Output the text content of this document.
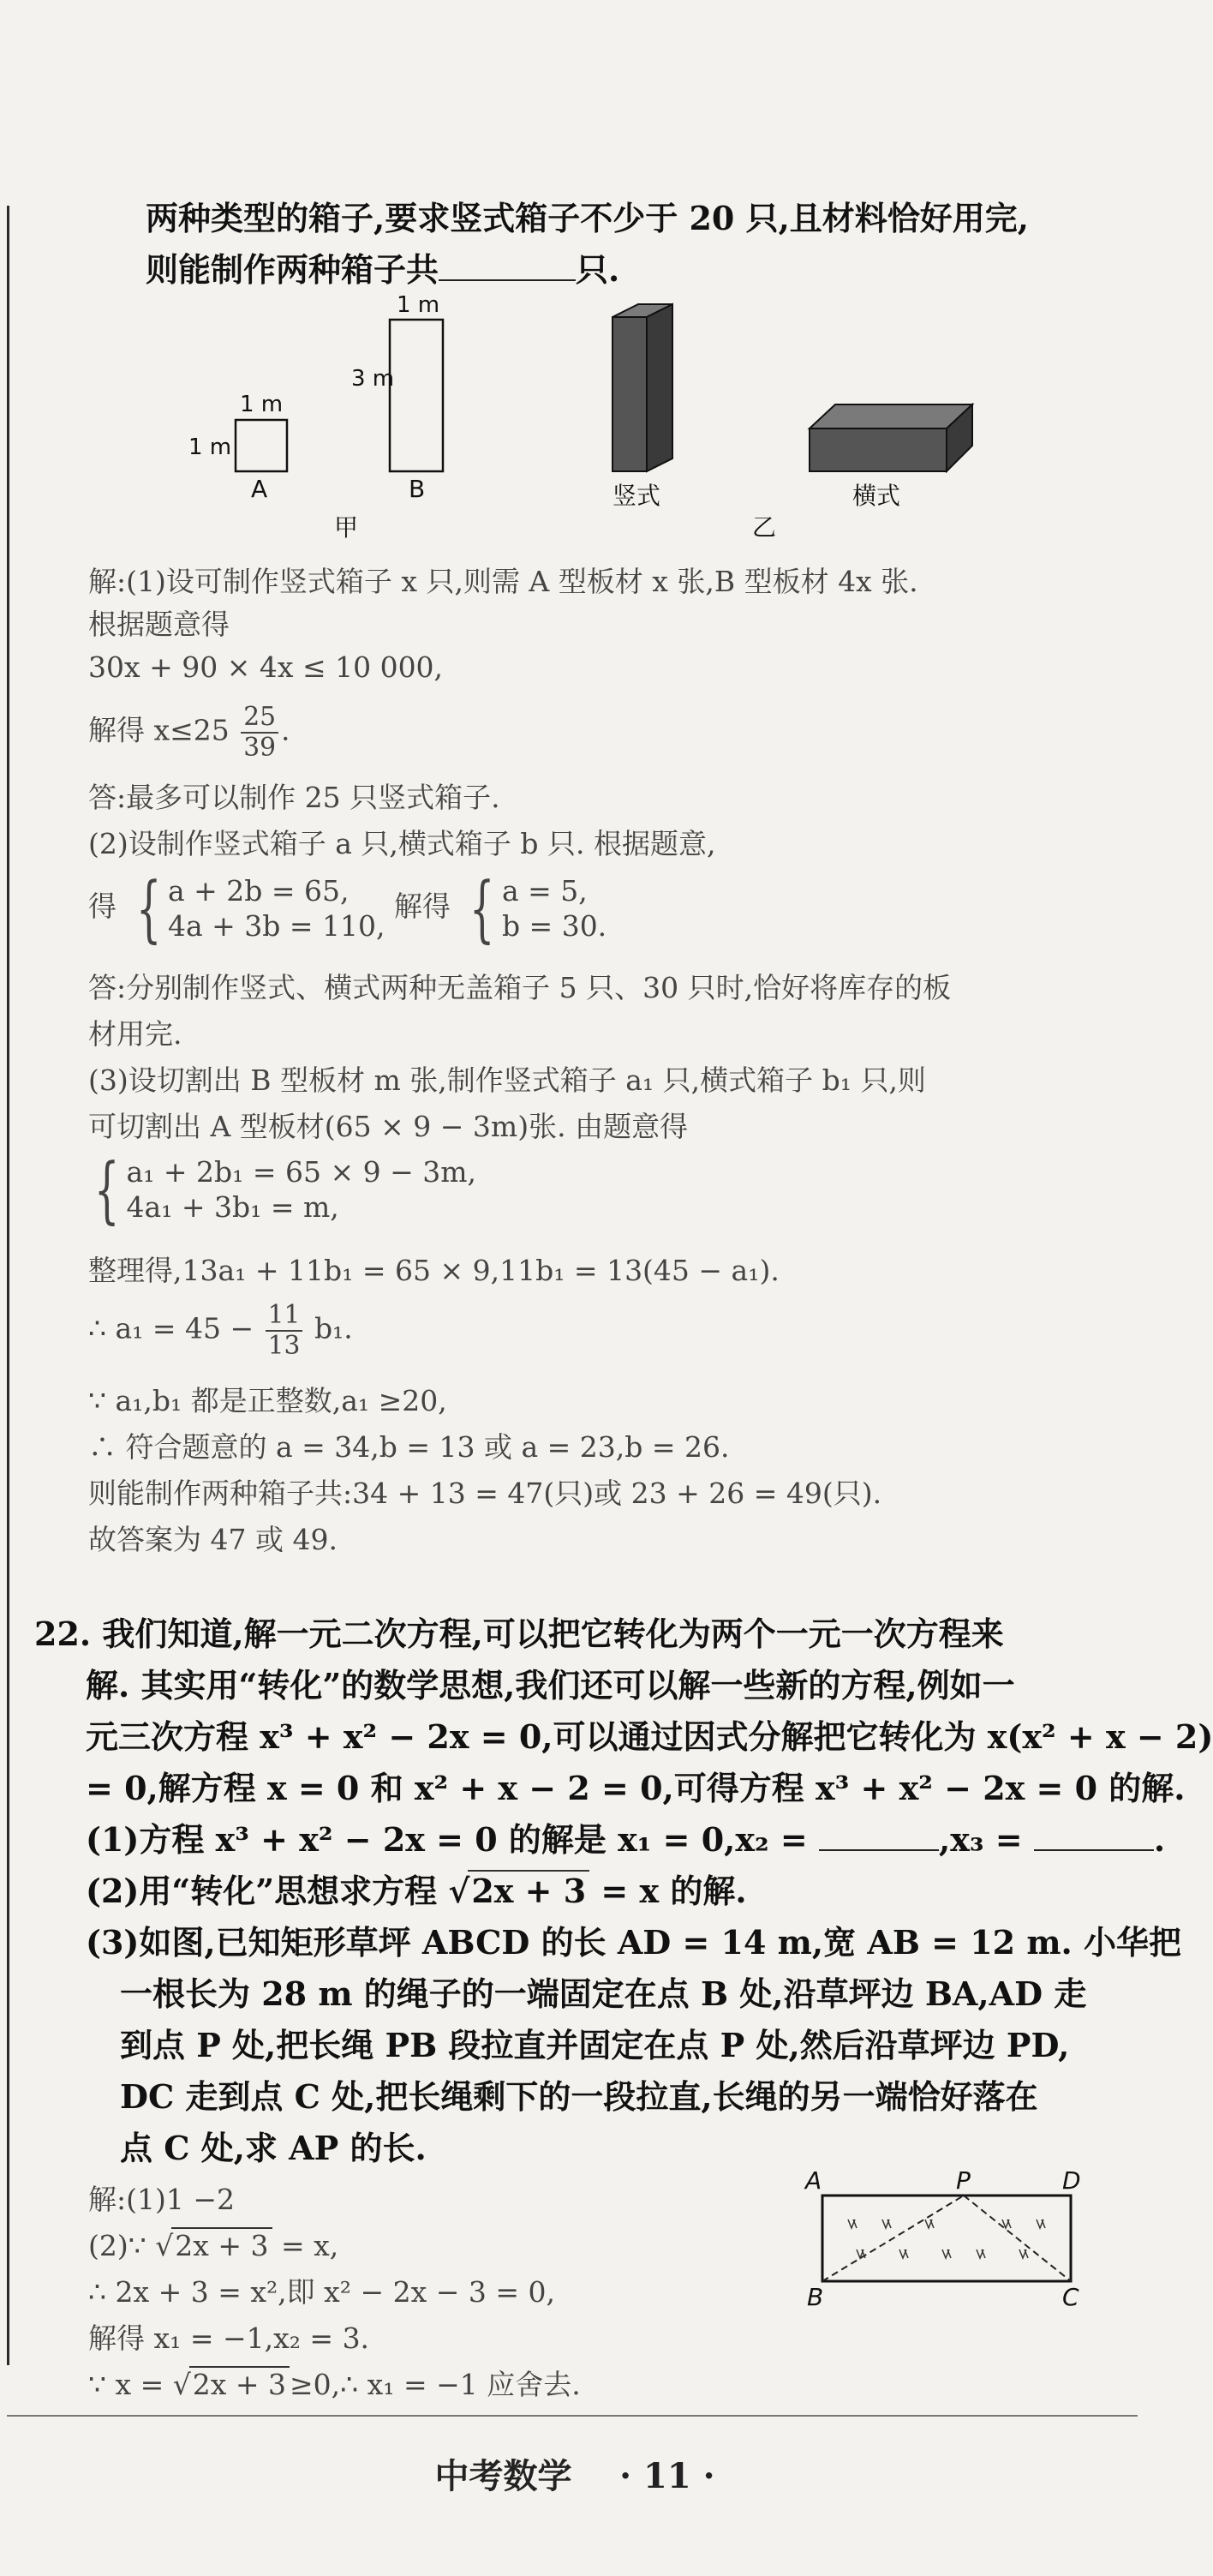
两种类型的箱子,要求竖式箱子不少于 20 只,且材料恰好用完,
则能制作两种箱子共	只.
1 m
1 m
A
1 m
3 m
B
甲
竖式	横式
乙
解:(1)设可制作竖式箱子 x 只,则需 A 型板材 x 张,B 型板材 4x 张.
根据题意得
30x + 90 × 4x ≤ 10 000,
解得 $x\le 25 \frac{25}{39}$ .
答:最多可以制作 25 只竖式箱子.
(2)设制作竖式箱子 a 只,横式箱子 b 只. 根据题意,
得 { a + 2b = 65,
4a + 3b = 110,
解得 { a = 5,
b = 30.
答:分别制作竖式、横式两种无盖箱子 5 只、30 只时,恰好将库存的板
材用完.
(3)设切割出 B 型板材 m 张,制作竖式箱子 a₁ 只,横式箱子 b₁ 只,则
可切割出 A 型板材(65 × 9 − 3m)张. 由题意得
{ a₁ + 2b₁ = 65 × 9 − 3m,
4a₁ + 3b₁ = m,
整理得,13a₁ + 11b₁ = 65 × 9,11b₁ = 13(45 − a₁).
∴ $a_1 = 45 - \frac{11}{13} b_1$.
∵ a₁,b₁ 都是正整数,a₁ ≥20,
∴ 符合题意的 a = 34,b = 13 或 a = 23,b = 26.
则能制作两种箱子共:34 + 13 = 47(只)或 23 + 26 = 49(只).
故答案为 47 或 49.
22. 我们知道,解一元二次方程,可以把它转化为两个一元一次方程来
解. 其实用“转化”的数学思想,我们还可以解一些新的方程,例如一
元三次方程 x³ + x² − 2x = 0,可以通过因式分解把它转化为 x(x² + x − 2)
= 0,解方程 x = 0 和 x² + x − 2 = 0,可得方程 x³ + x² − 2x = 0 的解.
(1)方程 x³ + x² − 2x = 0 的解是 x₁ = 0,x₂ =	,x₃ =	.
(2)用“转化”思想求方程 √2x + 3 = x 的解.
(3)如图,已知矩形草坪 ABCD 的长 AD = 14 m,宽 AB = 12 m. 小华把
一根长为 28 m 的绳子的一端固定在点 B 处,沿草坪边 BA,AD 走
到点 P 处,把长绳 PB 段拉直并固定在点 P 处,然后沿草坪边 PD,
DC 走到点 C 处,把长绳剩下的一段拉直,长绳的另一端恰好落在
点 C 处,求 AP 的长.
解:(1)1 −2
(2)∵ √2x + 3 = x,
∴ 2x + 3 = x²,即 x² − 2x − 3 = 0,
解得 x₁ = −1,x₂ = 3.
∵ x = √2x + 3 ≥0,∴ x₁ = −1 应舍去.
A	P	D
B	C
中考数学 · 11 ·
